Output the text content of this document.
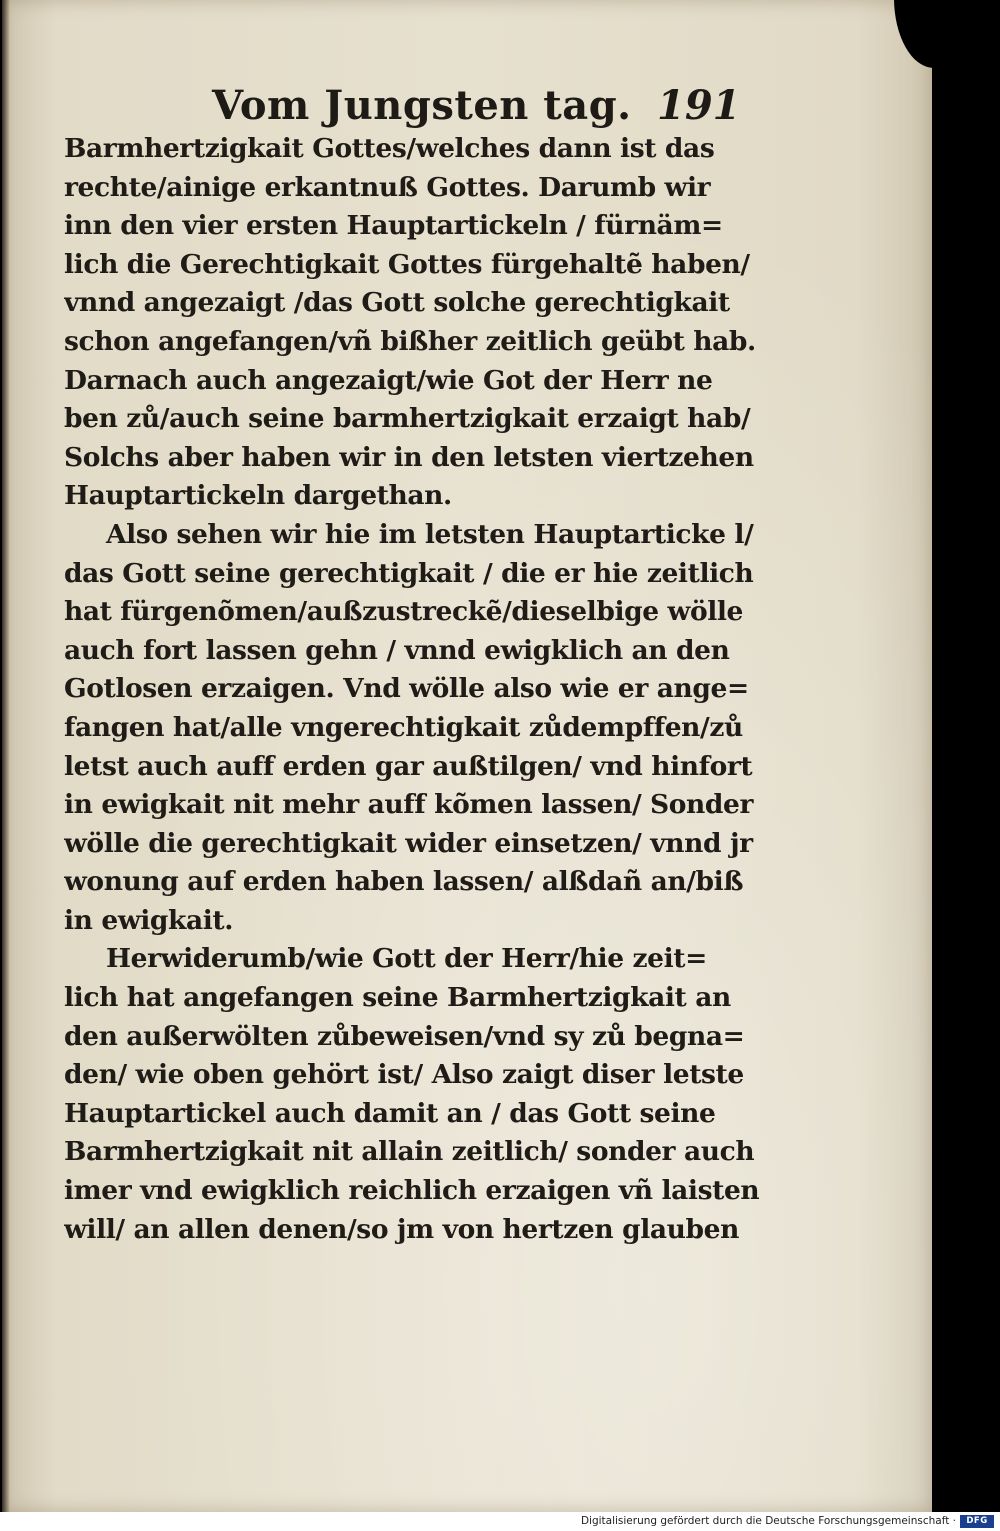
Vom Jungsten tag. 191
Barmhertzigkait Gottes/welches dann ist das
rechte/ainige erkantnuß Gottes. Darumb wir
inn den vier ersten Hauptartickeln / fürnäm=
lich die Gerechtigkait Gottes fürgehaltẽ haben/
vnnd angezaigt /das Gott solche gerechtigkait
schon angefangen/vñ bißher zeitlich geübt hab.
Darnach auch angezaigt/wie Got der Herr ne
ben zů/auch seine barmhertzigkait erzaigt hab/
Solchs aber haben wir in den letsten viertzehen
Hauptartickeln dargethan.
Also sehen wir hie im letsten Hauptarticke l/
das Gott seine gerechtigkait / die er hie zeitlich
hat fürgenõmen/außzustreckẽ/dieselbige wölle
auch fort lassen gehn / vnnd ewigklich an den
Gotlosen erzaigen. Vnd wölle also wie er ange=
fangen hat/alle vngerechtigkait zůdempffen/zů
letst auch auff erden gar außtilgen/ vnd hinfort
in ewigkait nit mehr auff kõmen lassen/ Sonder
wölle die gerechtigkait wider einsetzen/ vnnd jr
wonung auf erden haben lassen/ alßdañ an/biß
in ewigkait.
Herwiderumb/wie Gott der Herr/hie zeit=
lich hat angefangen seine Barmhertzigkait an
den außerwölten zůbeweisen/vnd sy zů begna=
den/ wie oben gehört ist/ Also zaigt diser letste
Hauptartickel auch damit an / das Gott seine
Barmhertzigkait nit allain zeitlich/ sonder auch
imer vnd ewigklich reichlich erzaigen vñ laisten
will/ an allen denen/so jm von hertzen glauben
Digitalisierung gefördert durch die Deutsche Forschungsgemeinschaft ·	DFG
